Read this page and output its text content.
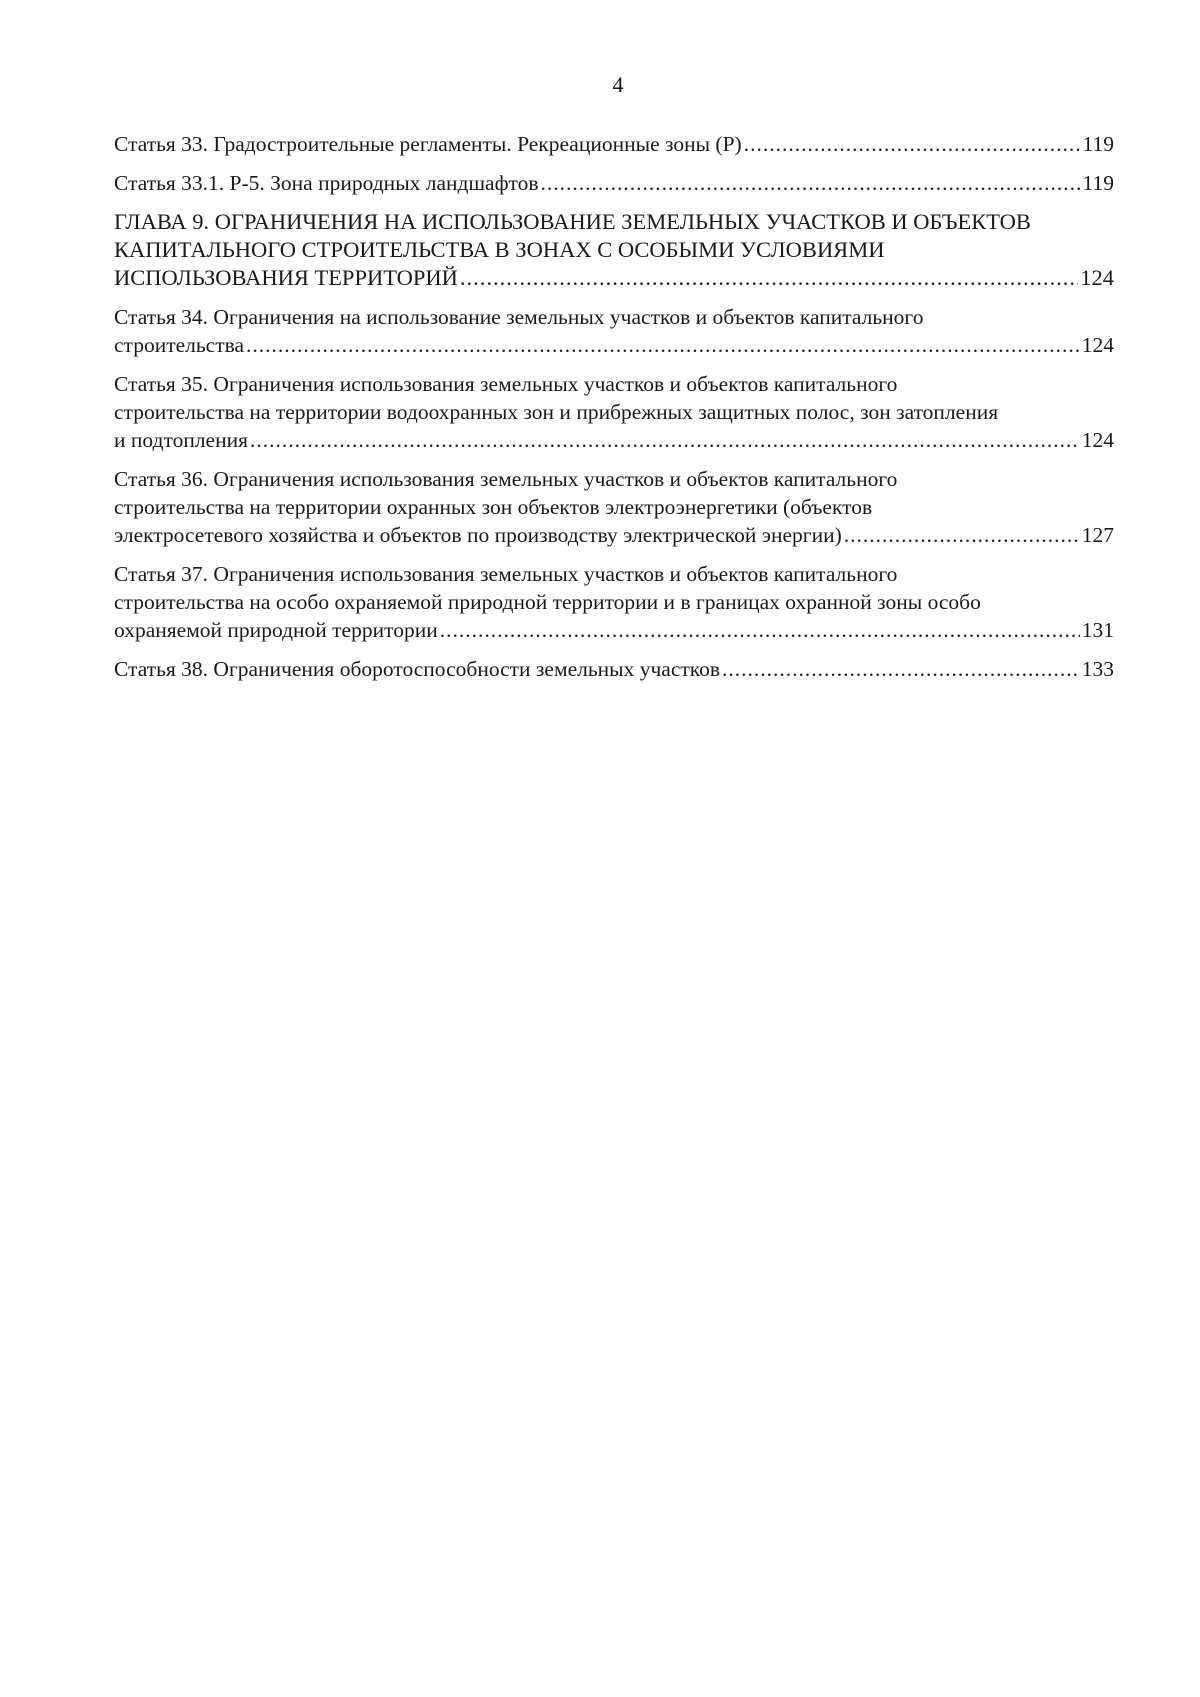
4
Статья 33. Градостроительные регламенты. Рекреационные зоны (Р) .....	119
Статья 33.1. Р-5. Зона природных ландшафтов .....	119
ГЛАВА 9. ОГРАНИЧЕНИЯ НА ИСПОЛЬЗОВАНИЕ ЗЕМЕЛЬНЫХ УЧАСТКОВ И ОБЪЕКТОВ
КАПИТАЛЬНОГО СТРОИТЕЛЬСТВА В ЗОНАХ С ОСОБЫМИ УСЛОВИЯМИ
ИСПОЛЬЗОВАНИЯ ТЕРРИТОРИЙ .....	124
Статья 34. Ограничения на использование земельных участков и объектов капитального
строительства .....	124
Статья 35. Ограничения использования земельных участков и объектов капитального
строительства на территории водоохранных зон и прибрежных защитных полос, зон затопления
и подтопления .....	124
Статья 36. Ограничения использования земельных участков и объектов капитального
строительства на территории охранных зон объектов электроэнергетики (объектов
электросетевого хозяйства и объектов по производству электрической энергии) .....	127
Статья 37. Ограничения использования земельных участков и объектов капитального
строительства на особо охраняемой природной территории и в границах охранной зоны особо
охраняемой природной территории .....	131
Статья 38. Ограничения оборотоспособности земельных участков .....	133
